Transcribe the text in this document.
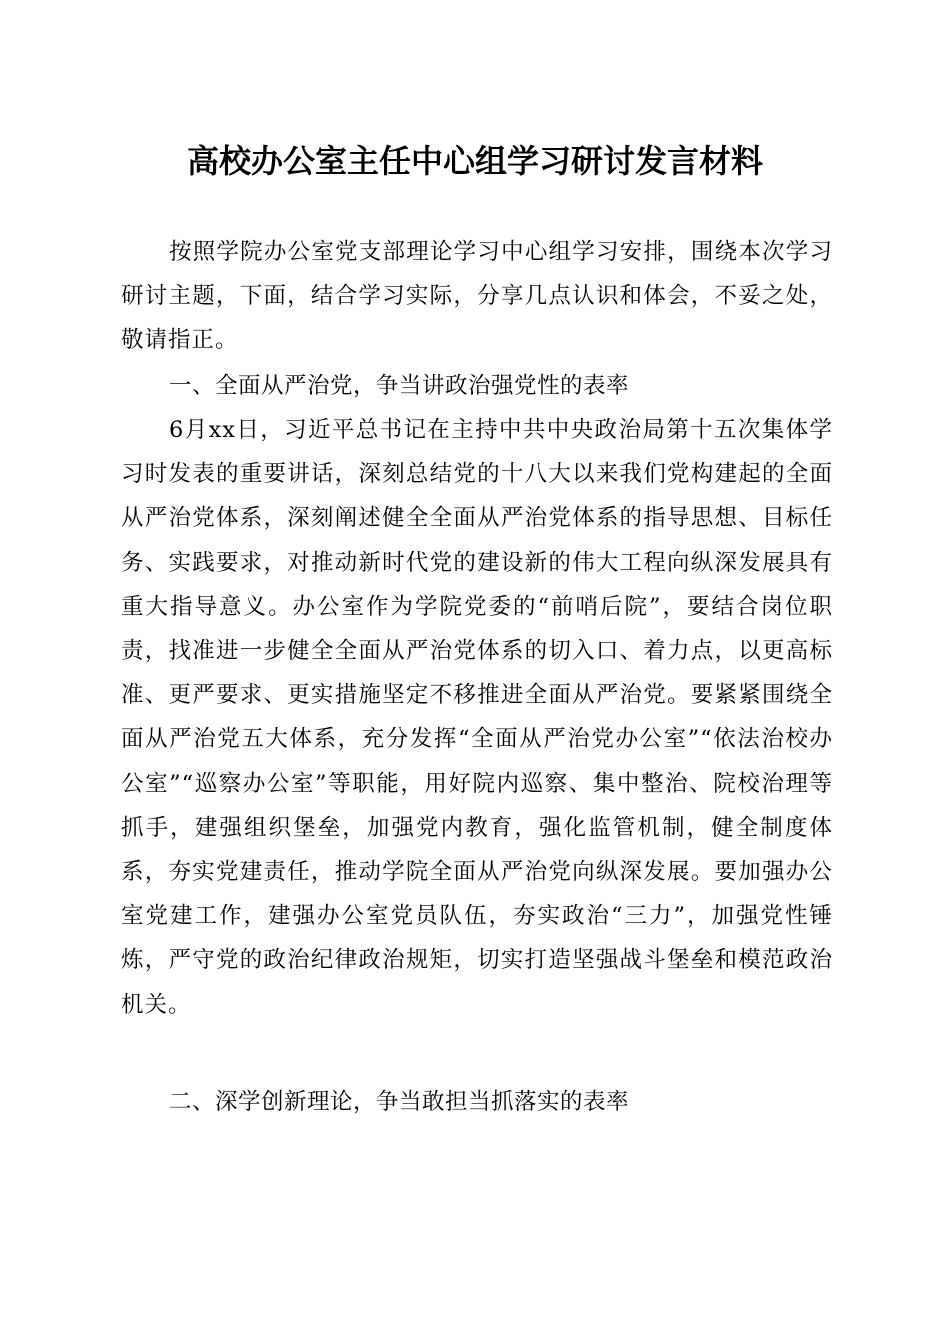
高校办公室主任中心组学习研讨发言材料

按照学院办公室党支部理论学习中心组学习安排，围绕本次学习研讨主题，下面，结合学习实际，分享几点认识和体会，不妥之处，敬请指正。

一、全面从严治党，争当讲政治强党性的表率

6月xx日，习近平总书记在主持中共中央政治局第十五次集体学习时发表的重要讲话，深刻总结党的十八大以来我们党构建起的全面从严治党体系，深刻阐述健全全面从严治党体系的指导思想、目标任务、实践要求，对推动新时代党的建设新的伟大工程向纵深发展具有重大指导意义。办公室作为学院党委的“前哨后院”，要结合岗位职责，找准进一步健全全面从严治党体系的切入口、着力点，以更高标准、更严要求、更实措施坚定不移推进全面从严治党。要紧紧围绕全面从严治党五大体系，充分发挥“全面从严治党办公室”“依法治校办公室”“巡察办公室”等职能，用好院内巡察、集中整治、院校治理等抓手，建强组织堡垒，加强党内教育，强化监管机制，健全制度体系，夯实党建责任，推动学院全面从严治党向纵深发展。要加强办公室党建工作，建强办公室党员队伍，夯实政治“三力”，加强党性锤炼，严守党的政治纪律政治规矩，切实打造坚强战斗堡垒和模范政治机关。

二、深学创新理论，争当敢担当抓落实的表率
